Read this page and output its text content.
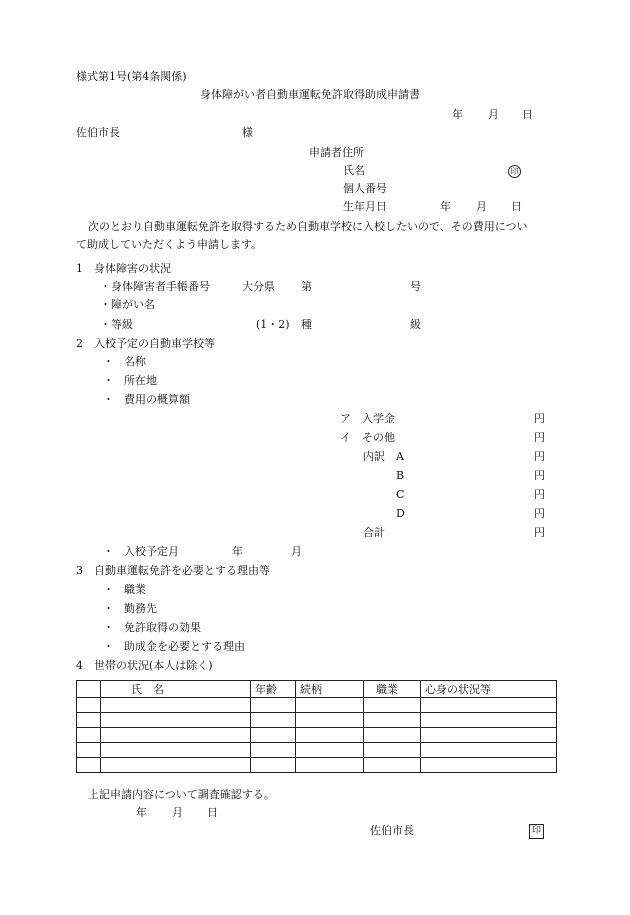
様式第1号(第4条関係)
身体障がい者自動車運転免許取得助成申請書
年 月 日
佐伯市長	様
申請者住所
氏名	印
個人番号
生年月日	年 月 日
次のとおり自動車運転免許を取得するため自動車学校に入校したいので、その費用につい
て助成していただくよう申請します。
1　身体障害の状況
・身体障害者手帳番号	大分県 第	号
・障がい名
・等級	(1・2) 種	級
2　入校予定の自動車学校等
・ 名称
・ 所在地
・ 費用の概算額
ア　入学金	円
イ　その他	円
内訳 A	円
B	円
C	円
D	円
合計	円
・ 入校予定月	年	月
3　自動車運転免許を必要とする理由等
・ 職業
・ 勤務先
・ 免許取得の効果
・ 助成金を必要とする理由
4　世帯の状況(本人は除く)
	氏　名	年齢	続柄	職業	心身の状況等

上記申請内容について調査確認する。
年 月 日
佐伯市長	印
